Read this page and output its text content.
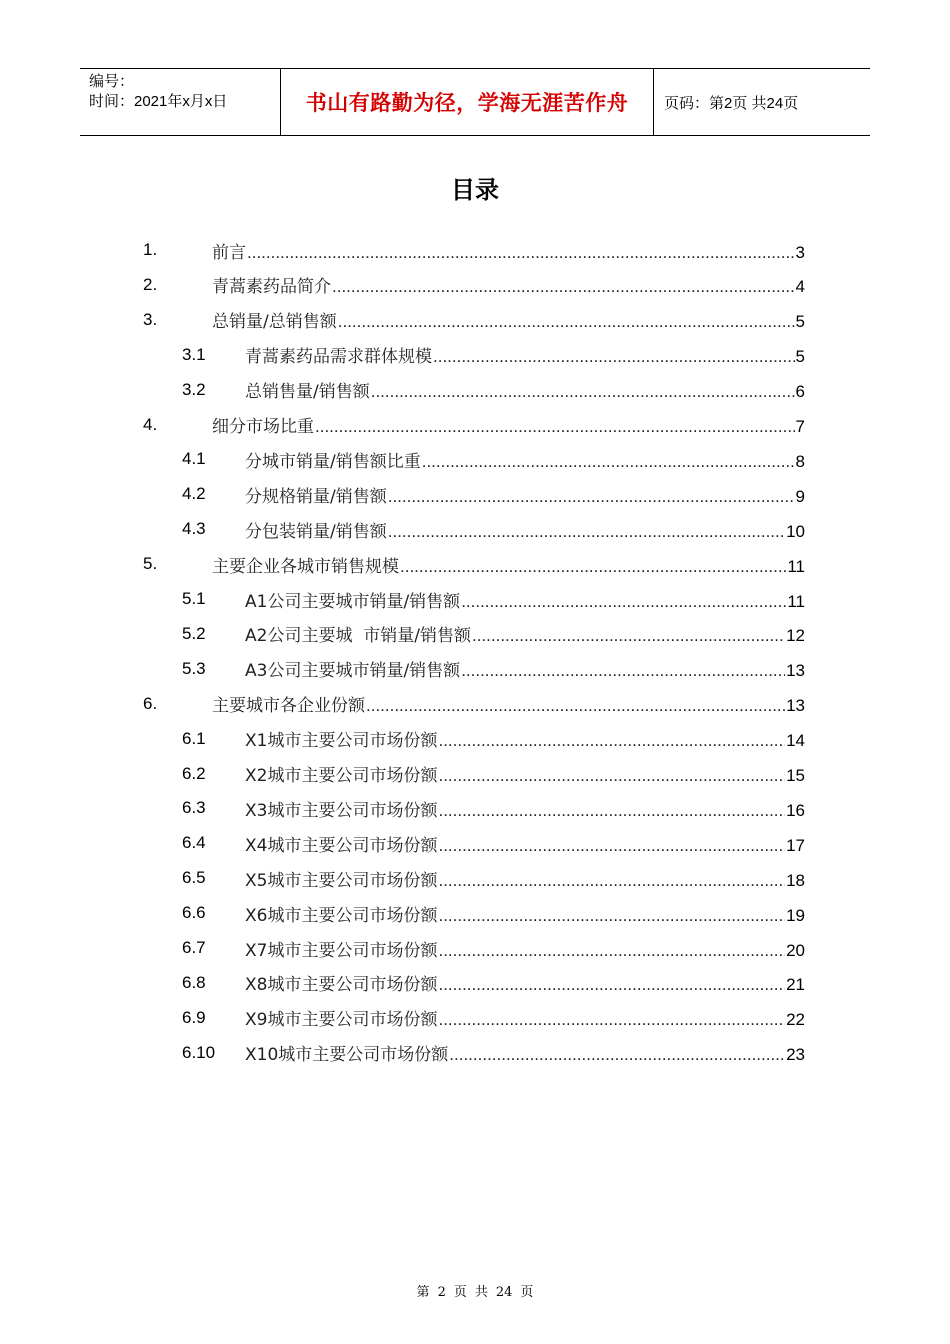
编号：
时间：2021年x月x日	书山有路勤为径，学海无涯苦作舟 页码：第2页 共24页
目录
1.	前言 .....	3
2.	青蒿素药品简介 .....	4
3.	总销量/总销售额 .....	5
3.1 青蒿素药品需求群体规模 .....	5
3.2 总销售量/销售额 .....	6
4.	细分市场比重 .....	7
4.1 分城市销量/销售额比重 .....	8
4.2 分规格销量/销售额 .....	9
4.3 分包装销量/销售额 .....	10
5.	主要企业各城市销售规模 .....	11
5.1 A1公司主要城市销量/销售额 .....	11
5.2 A2公司主要城  市销量/销售额 .....	12
5.3 A3公司主要城市销量/销售额 .....	13
6.	主要城市各企业份额 .....	13
6.1 X1城市主要公司市场份额 .....	14
6.2 X2城市主要公司市场份额 .....	15
6.3 X3城市主要公司市场份额 .....	16
6.4 X4城市主要公司市场份额 .....	17
6.5 X5城市主要公司市场份额 .....	18
6.6 X6城市主要公司市场份额 .....	19
6.7 X7城市主要公司市场份额 .....	20
6.8 X8城市主要公司市场份额 .....	21
6.9 X9城市主要公司市场份额 .....	22
6.10 X10城市主要公司市场份额 .....	23
第 2 页 共 24 页
